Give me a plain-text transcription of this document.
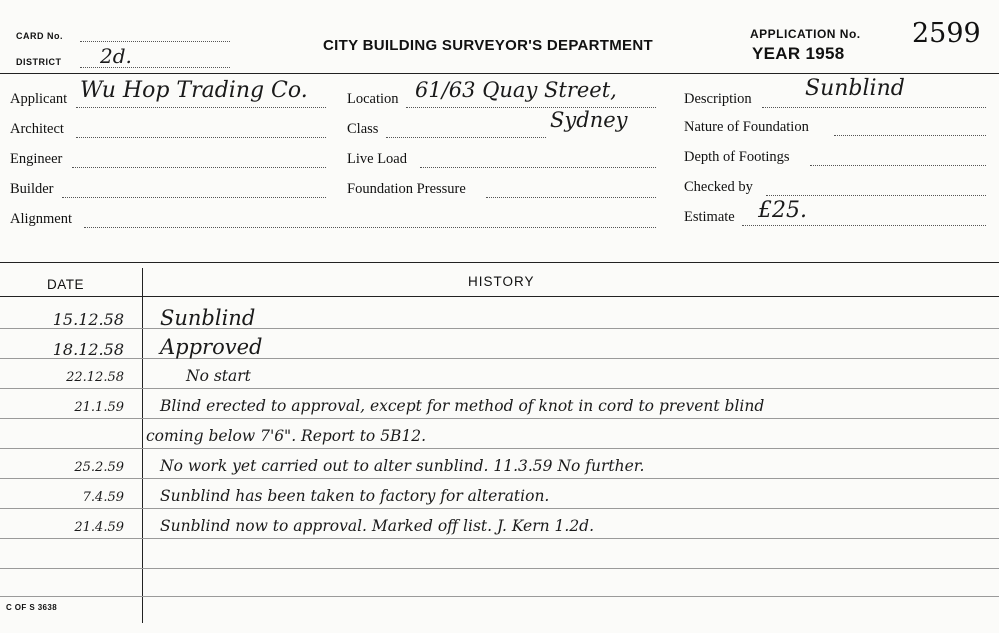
CARD No.
DISTRICT 2d.	CITY BUILDING SURVEYOR'S DEPARTMENT
APPLICATION No. 2599
YEAR 1958
Applicant Wu Hop Trading Co.
Architect
Engineer
Builder
Alignment
Location 61/63 Quay Street,
Sydney
Class
Live Load
Foundation Pressure
Description Sunblind
Nature of Foundation
Depth of Footings
Checked by
Estimate £25.
DATE	HISTORY
15.12.58 Sunblind
18.12.58 Approved
22.12.58	No start
21.1.59 Blind erected to approval, except for method of knot in cord to prevent blind
coming below 7'6". Report to 5B12.
25.2.59 No work yet carried out to alter sunblind. 11.3.59 No further.
7.4.59 Sunblind has been taken to factory for alteration.
21.4.59 Sunblind now to approval. Marked off list. J. Kern 1.2d.
C OF S 3638
